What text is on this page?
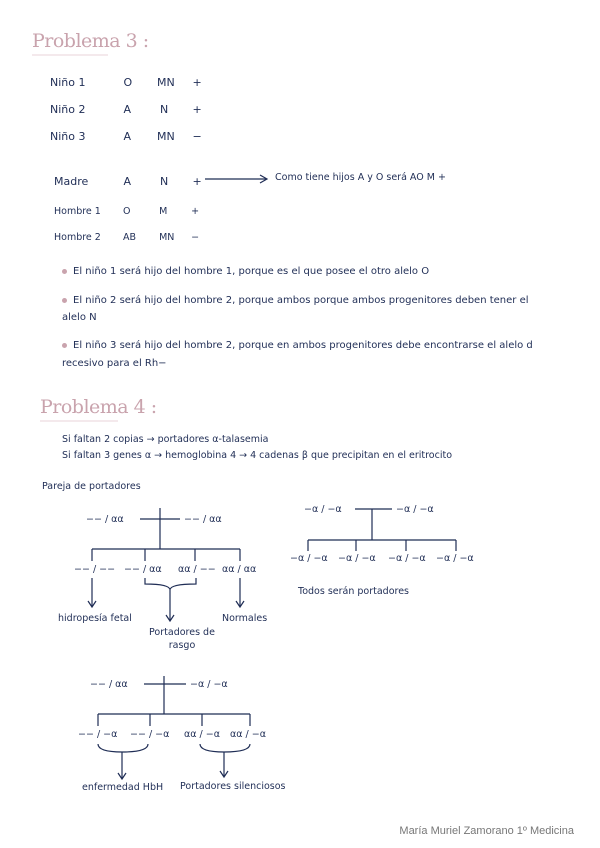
Problema 3 :
Niño 1	O MN +
Niño 2	A	N +
Niño 3	A MN −
Madre	A	N +	Como tiene hijos A y O será AO M +
Hombre 1 O	M	+
Hombre 2 AB MN −
El niño 1 será hijo del hombre 1, porque es el que posee el otro alelo O
El niño 2 será hijo del hombre 2, porque ambos porque ambos progenitores deben tener el alelo N
El niño 3 será hijo del hombre 2, porque en ambos progenitores debe encontrarse el alelo d recesivo para el Rh−
Problema 4 :
Si faltan 2 copias → portadores α-talasemia
Si faltan 3 genes α → hemoglobina 4 → 4 cadenas β que precipitan en el eritrocito
Pareja de portadores
−− / αα	−− / αα
−− / −− −− / αα αα / −− αα / αα
hidropesía fetal
Portadores de rasgo
Normales
−α / −α	−α / −α
−α / −α −α / −α −α / −α −α / −α
Todos serán portadores
−− / αα	−α / −α
−− / −α −− / −α αα / −α αα / −α
enfermedad HbH Portadores silenciosos
María Muriel Zamorano 1º Medicina
